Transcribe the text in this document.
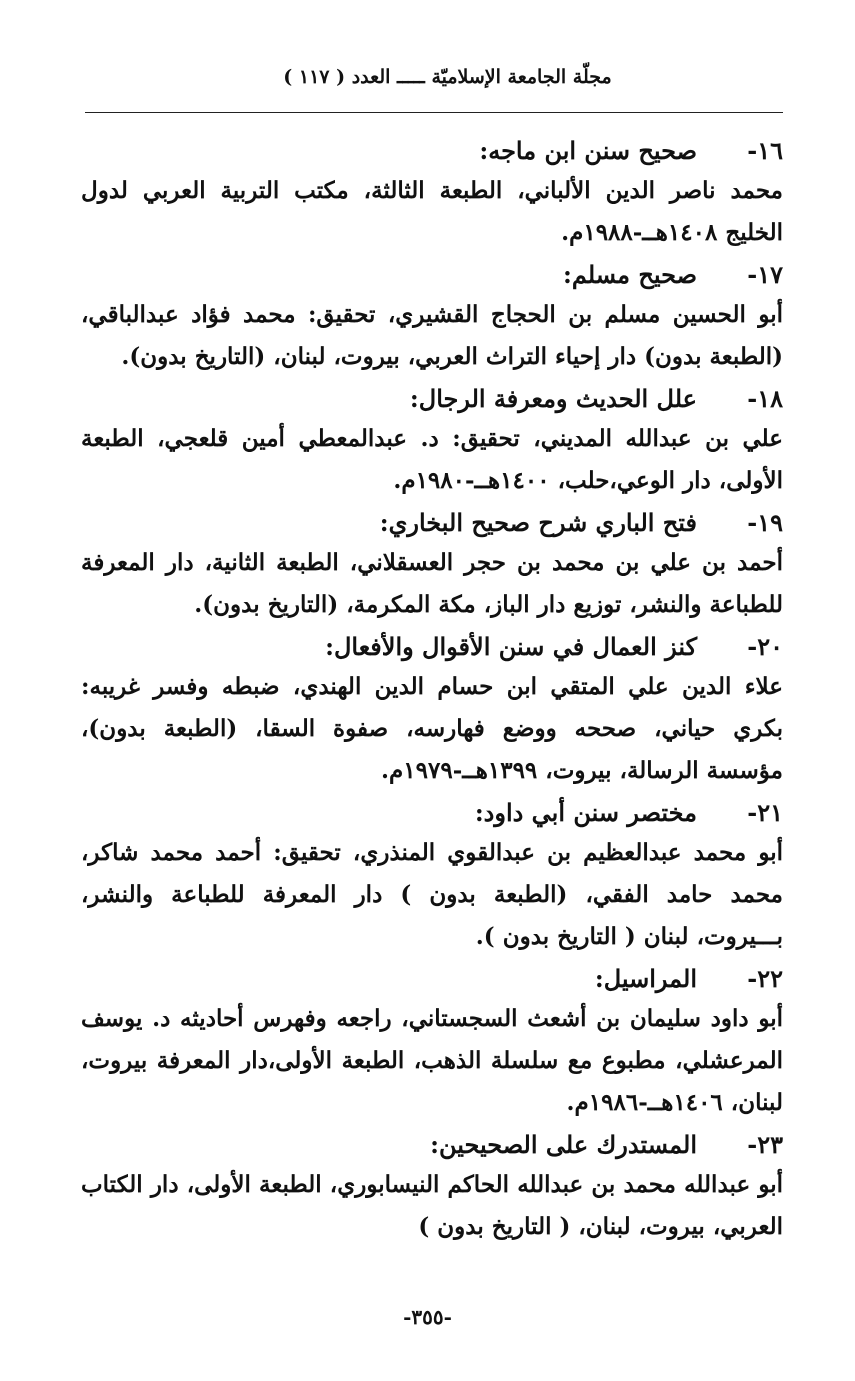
مجلّة الجامعة الإسلاميّة ـــــ العدد ( ١١٧ )
١٦-
صحيح سنن ابن ماجه:
محمد ناصر الدين الألباني، الطبعة الثالثة، مكتب التربية العربي لدول الخليج ١٤٠٨هــ-١٩٨٨م.
١٧-
صحيح مسلم:
أبو الحسين مسلم بن الحجاج القشيري، تحقيق: محمد فؤاد عبدالباقي، (الطبعة بدون) دار إحياء التراث العربي، بيروت، لبنان، (التاريخ بدون).
١٨-
علل الحديث ومعرفة الرجال:
علي بن عبدالله المديني، تحقيق: د. عبدالمعطي أمين قلعجي، الطبعة الأولى، دار الوعي،حلب، ١٤٠٠هــ-١٩٨٠م.
١٩-
فتح الباري شرح صحيح البخاري:
أحمد بن علي بن محمد بن حجر العسقلاني، الطبعة الثانية، دار المعرفة للطباعة والنشر، توزيع دار الباز، مكة المكرمة، (التاريخ بدون).
٢٠-
كنز العمال في سنن الأقوال والأفعال:
علاء الدين علي المتقي ابن حسام الدين الهندي، ضبطه وفسر غريبه: بكري حياني، صححه ووضع فهارسه، صفوة السقا، (الطبعة بدون)، مؤسسة الرسالة، بيروت، ١٣٩٩هــ-١٩٧٩م.
٢١-
مختصر سنن أبي داود:
أبو محمد عبدالعظيم بن عبدالقوي المنذري، تحقيق: أحمد محمد شاكر، محمد حامد الفقي، (الطبعة بدون ) دار المعرفة للطباعة والنشر، بـــيروت، لبنان ( التاريخ بدون ).
٢٢-
المراسيل:
أبو داود سليمان بن أشعث السجستاني، راجعه وفهرس أحاديثه د. يوسف المرعشلي، مطبوع مع سلسلة الذهب، الطبعة الأولى،دار المعرفة بيروت، لبنان، ١٤٠٦هــ-١٩٨٦م.
٢٣-
المستدرك على الصحيحين:
أبو عبدالله محمد بن عبدالله الحاكم النيسابوري، الطبعة الأولى، دار الكتاب العربي، بيروت، لبنان، ( التاريخ بدون )
-٣٥٥-
